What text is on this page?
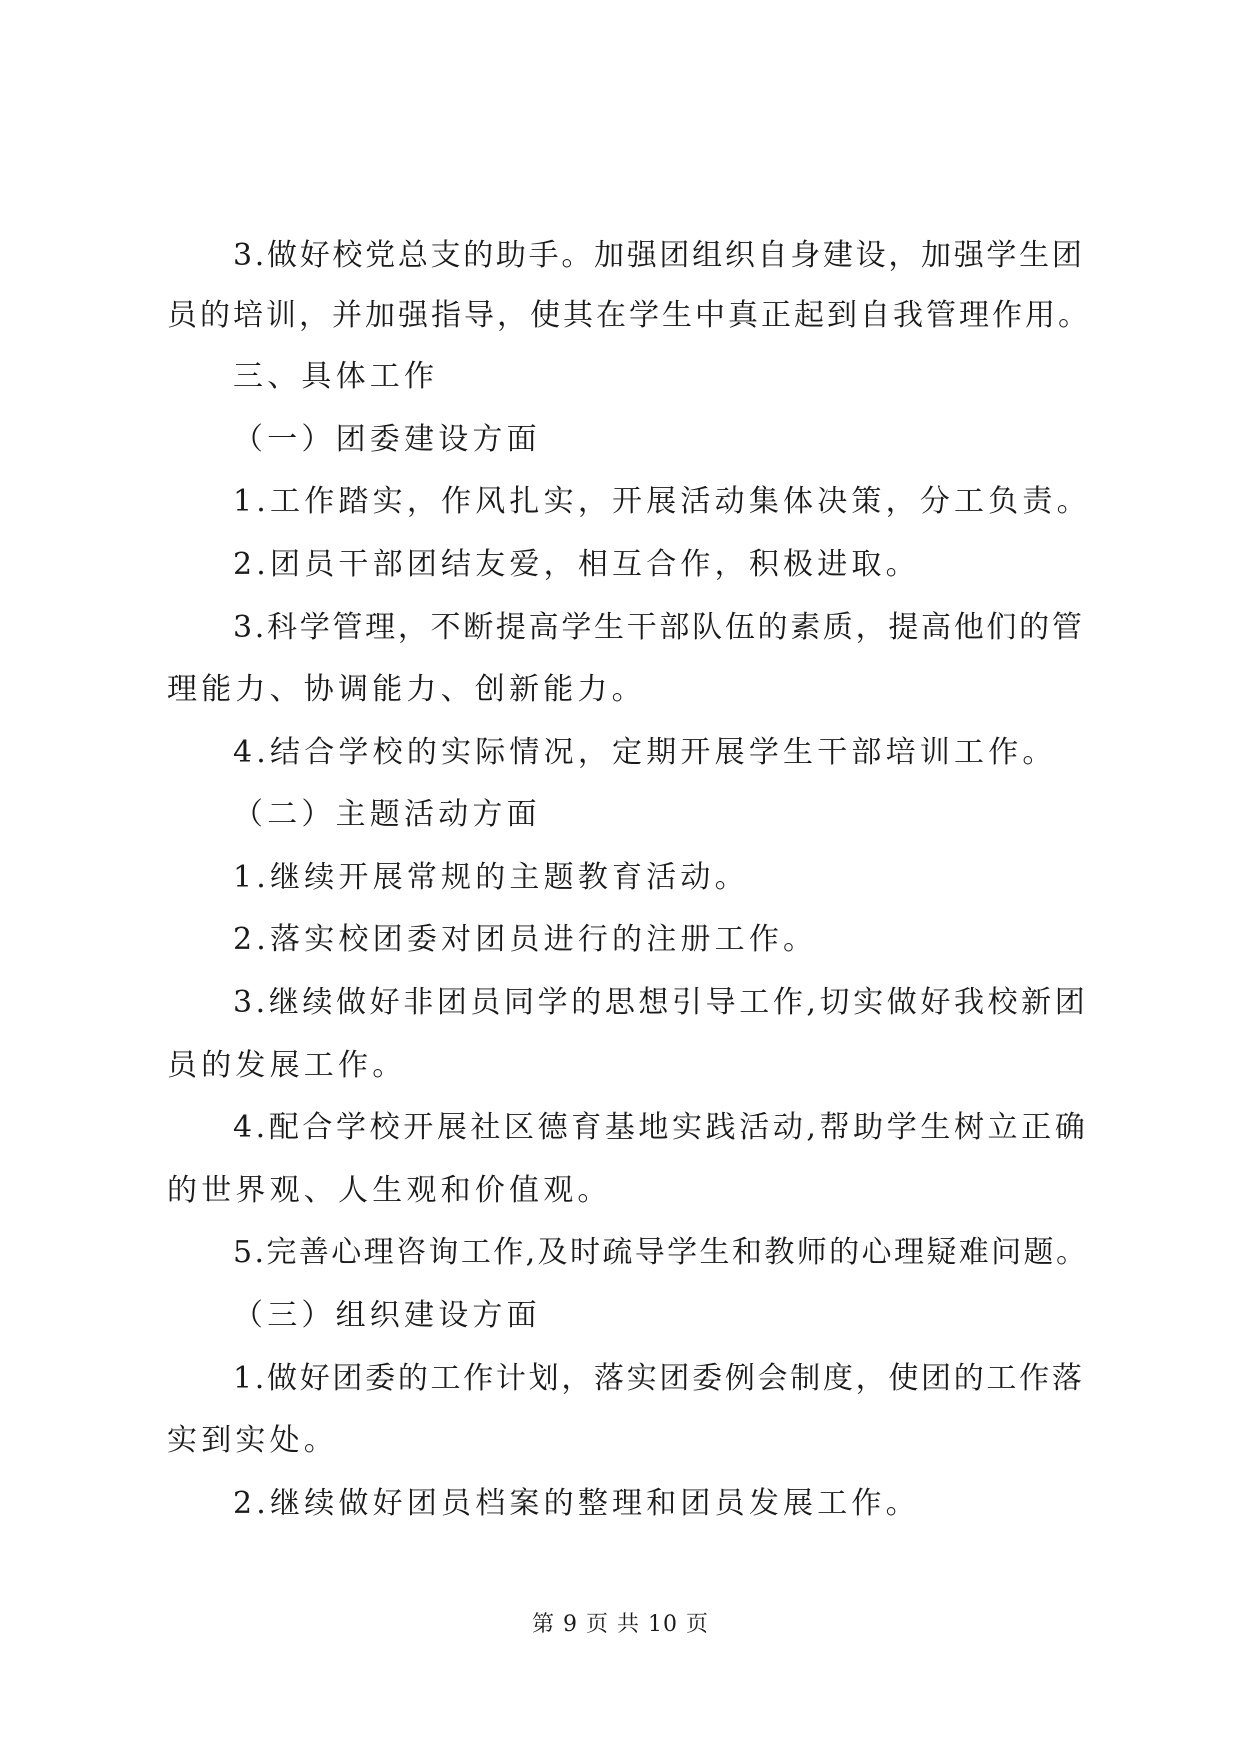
3.做好校党总支的助手。加强团组织自身建设，加强学生团
员的培训，并加强指导，使其在学生中真正起到自我管理作用。
三、具体工作
（一）团委建设方面
1.工作踏实，作风扎实，开展活动集体决策，分工负责。
2.团员干部团结友爱，相互合作，积极进取。
3.科学管理，不断提高学生干部队伍的素质，提高他们的管
理能力、协调能力、创新能力。
4.结合学校的实际情况，定期开展学生干部培训工作。
（二）主题活动方面
1.继续开展常规的主题教育活动。
2.落实校团委对团员进行的注册工作。
3.继续做好非团员同学的思想引导工作,切实做好我校新团
员的发展工作。
4.配合学校开展社区德育基地实践活动,帮助学生树立正确
的世界观、人生观和价值观。
5.完善心理咨询工作,及时疏导学生和教师的心理疑难问题。
（三）组织建设方面
1.做好团委的工作计划，落实团委例会制度，使团的工作落
实到实处。
2.继续做好团员档案的整理和团员发展工作。
第 9 页 共 10 页
